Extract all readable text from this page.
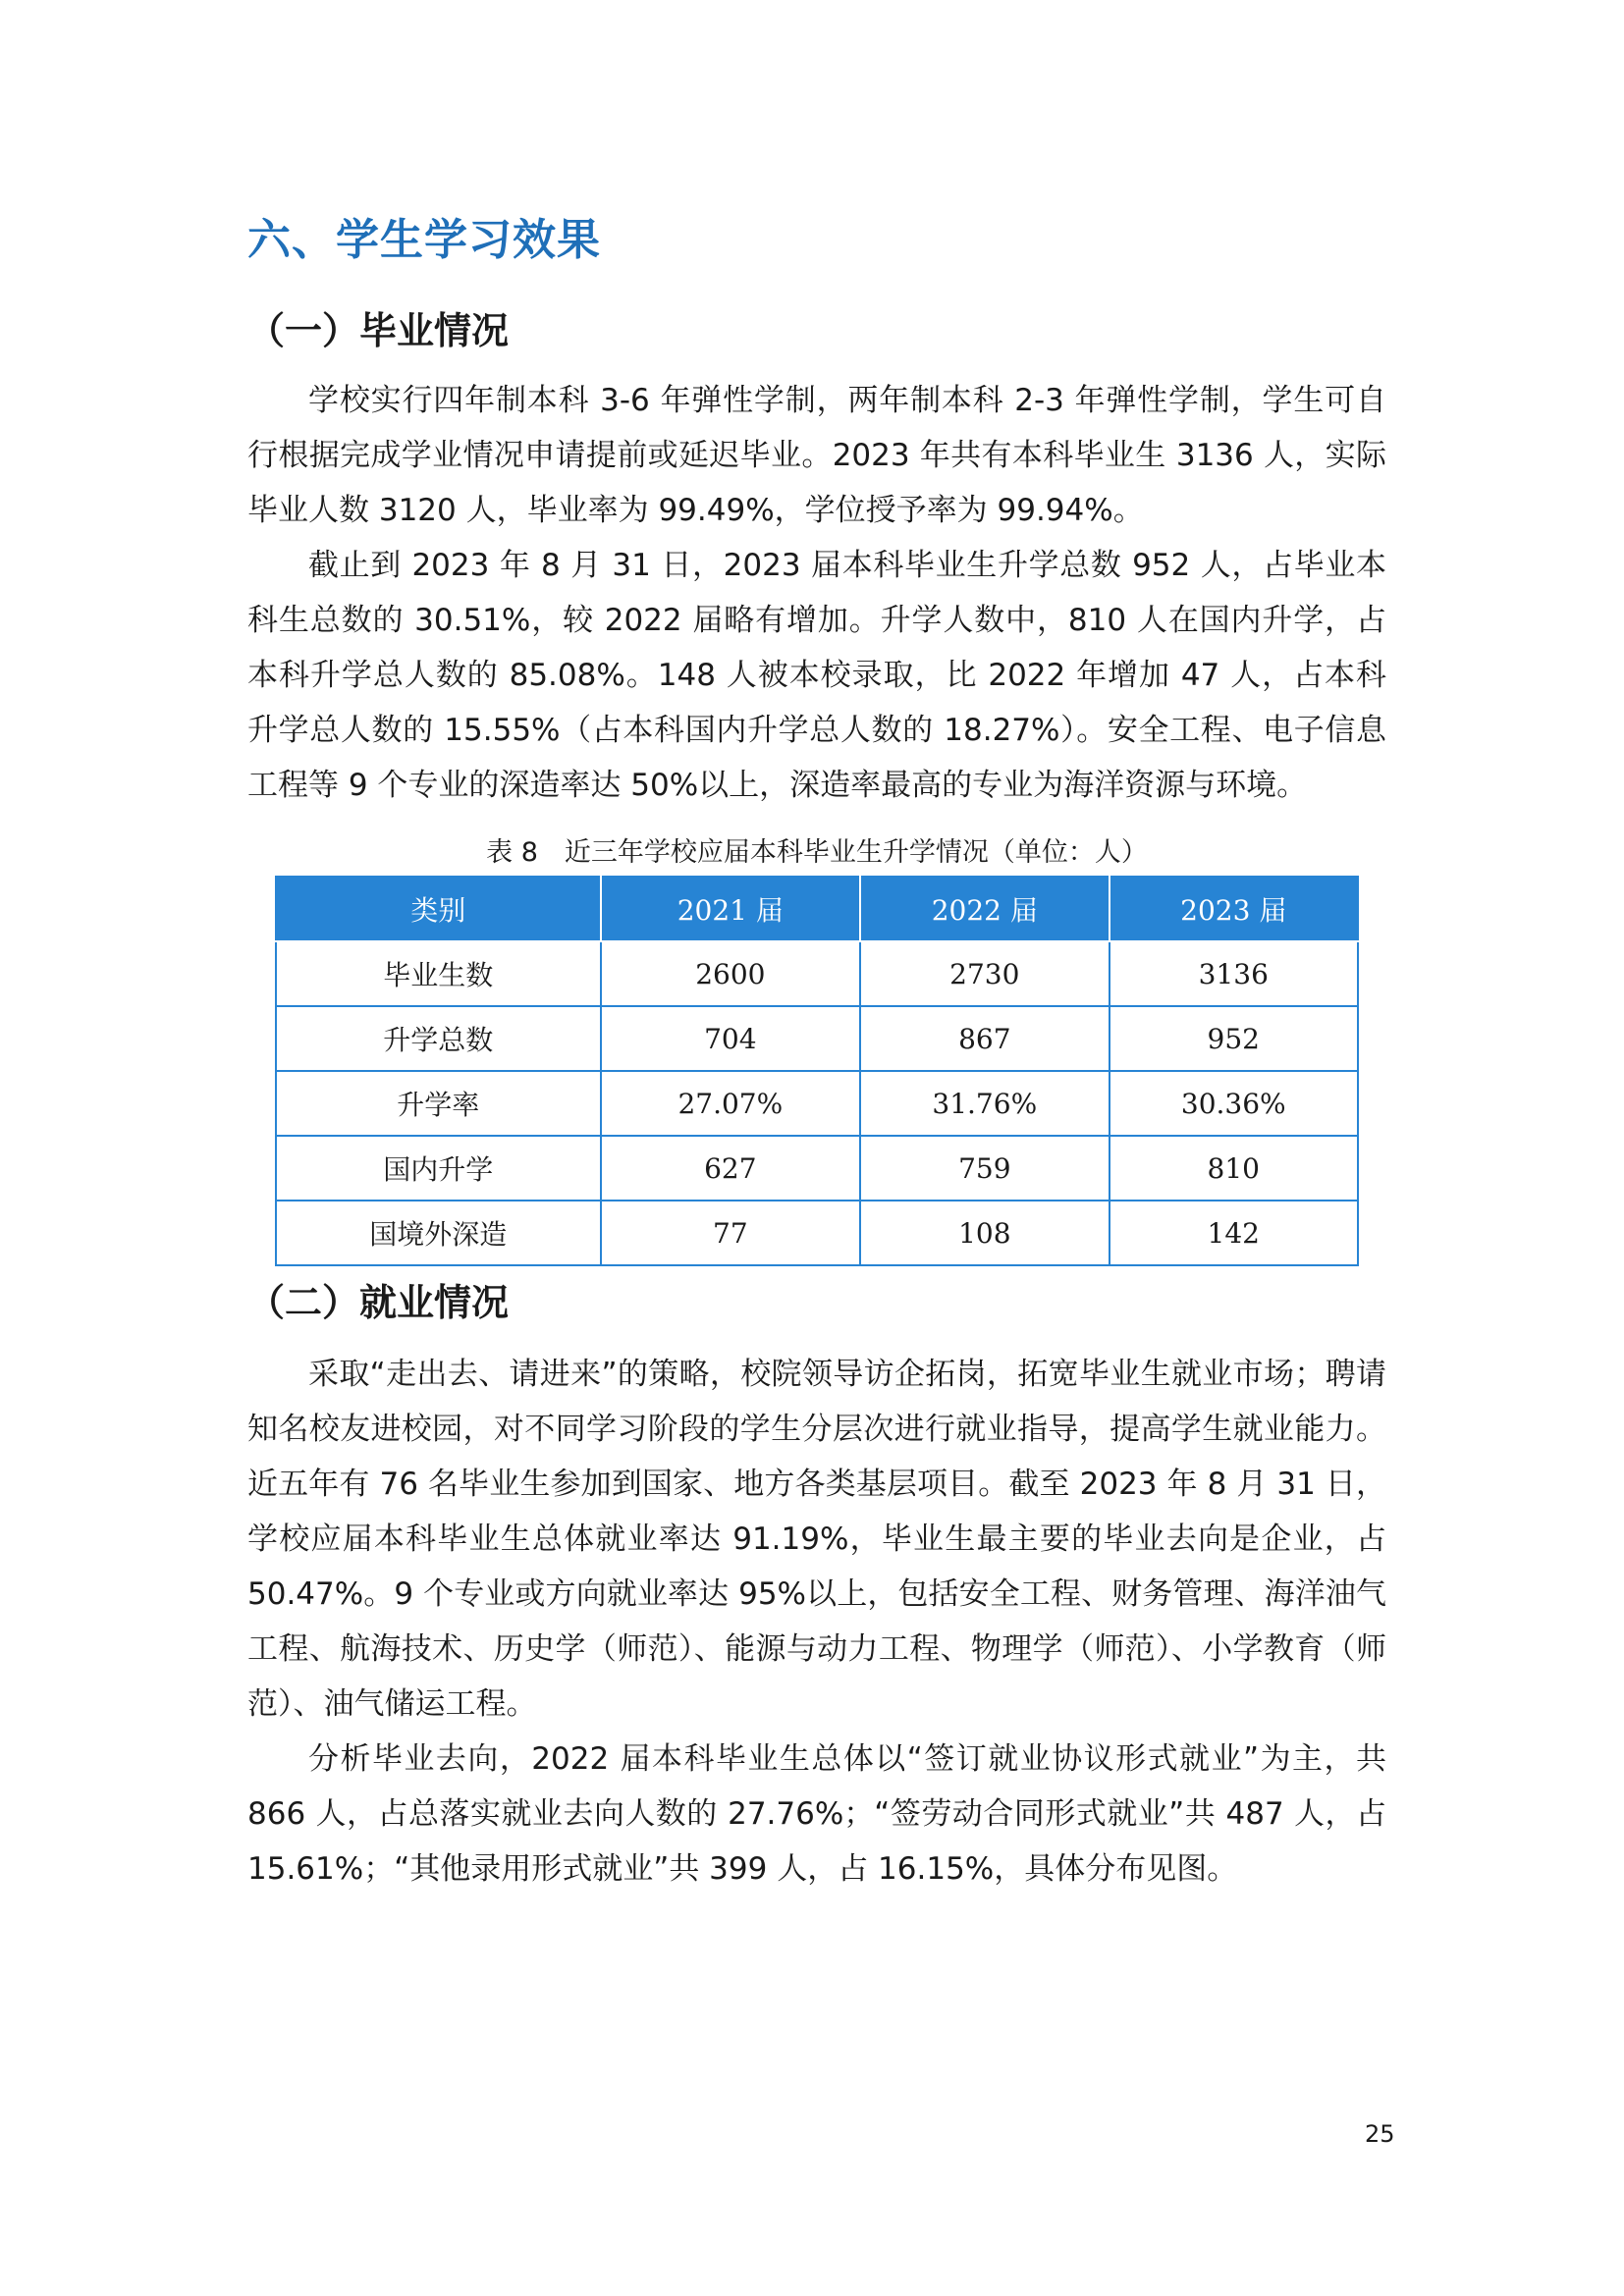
六、学生学习效果
（一）毕业情况

学校实行四年制本科 3-6 年弹性学制，两年制本科 2-3 年弹性学制，学生可自行根据完成学业情况申请提前或延迟毕业。2023 年共有本科毕业生 3136 人，实际毕业人数 3120 人，毕业率为 99.49%，学位授予率为 99.94%。

截止到 2023 年 8 月 31 日，2023 届本科毕业生升学总数 952 人，占毕业本科生总数的 30.51%，较 2022 届略有增加。升学人数中，810 人在国内升学，占本科升学总人数的 85.08%。148 人被本校录取，比 2022 年增加 47 人，占本科升学总人数的 15.55%（占本科国内升学总人数的 18.27%）。安全工程、电子信息工程等 9 个专业的深造率达 50%以上，深造率最高的专业为海洋资源与环境。

表 8　近三年学校应届本科毕业生升学情况（单位：人）

类别	2021 届	2022 届	2023 届
毕业生数	2600	2730	3136
升学总数	704	867	952
升学率	27.07%	31.76%	30.36%
国内升学	627	759	810
国境外深造	77	108	142
（二）就业情况

采取“走出去、请进来”的策略，校院领导访企拓岗，拓宽毕业生就业市场；聘请知名校友进校园，对不同学习阶段的学生分层次进行就业指导，提高学生就业能力。近五年有 76 名毕业生参加到国家、地方各类基层项目。截至 2023 年 8 月 31 日，学校应届本科毕业生总体就业率达 91.19%，毕业生最主要的毕业去向是企业，占 50.47%。9 个专业或方向就业率达 95%以上，包括安全工程、财务管理、海洋油气工程、航海技术、历史学（师范）、能源与动力工程、物理学（师范）、小学教育（师范）、油气储运工程。

分析毕业去向，2022 届本科毕业生总体以“签订就业协议形式就业”为主，共 866 人，占总落实就业去向人数的 27.76%；“签劳动合同形式就业”共 487 人，占 15.61%；“其他录用形式就业”共 399 人，占 16.15%，具体分布见图。

25
